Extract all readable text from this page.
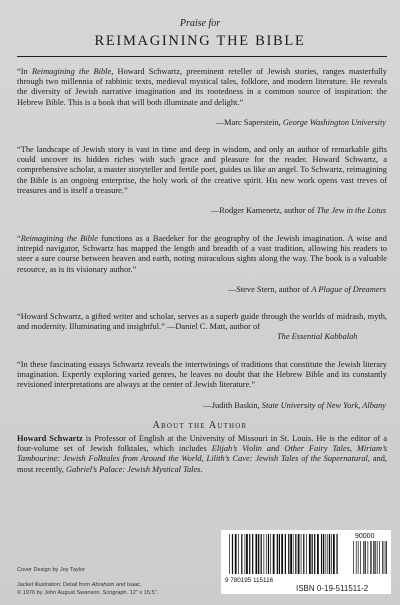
Praise for
REIMAGINING THE BIBLE

“In Reimagining the Bible, Howard Schwartz, preeminent reteller of Jewish stories, ranges masterfully through two millennia of rabbinic texts, medieval mystical tales, folklore, and modern literature. He reveals the diversity of Jewish narrative imagination and its rootedness in a common source of inspiration: the Hebrew Bible. This is a book that will both illuminate and delight.”

—Marc Saperstein, George Washington University

“The landscape of Jewish story is vast in time and deep in wisdom, and only an author of remarkable gifts could uncover its hidden riches with such grace and pleasure for the reader. Howard Schwartz, a comprehensive scholar, a master storyteller and fertile poet, guides us like an angel. To Schwartz, reimagining the Bible is an ongoing enterprise, the holy work of the creative spirit. His new work opens vast treves of treasures and is itself a treasure.”

—Rodger Kamenetz, author of The Jew in the Lotus

“Reimagining the Bible functions as a Baedeker for the geography of the Jewish imagination. A wise and intrepid navigator, Schwartz has mapped the length and breadth of a vast tradition, allowing his readers to steer a sure course between heaven and earth, noting miraculous sights along the way. The book is a valuable resource, as is its visionary author.”

—Steve Stern, author of A Plague of Dreamers

“Howard Schwartz, a gifted writer and scholar, serves as a superb guide through the worlds of midrash, myth, and modernity. Illuminating and insightful.” —Daniel C. Matt, author of

The Essential Kabbalah

“In these fascinating essays Schwartz reveals the intertwinings of traditions that constitute the Jewish literary imagination. Expertly exploring varied genres, he leaves no doubt that the Hebrew Bible and its constantly revisioned interpretations are always at the center of Jewish literature.”

—Judith Baskin, State University of New York, Albany
About the Author

Howard Schwartz is Professor of English at the University of Missouri in St. Louis. He is the editor of a four-volume set of Jewish folktales, which includes Elijah’s Violin and Other Fairy Tales, Miriam’s Tambourine: Jewish Folktales from Around the World, Lilith’s Cave: Jewish Tales of the Supernatural, and, most recently, Gabriel’s Palace: Jewish Mystical Tales.

Cover Design by Joy Taylor
Jacket illustration: Detail from Abraham and Isaac.
© 1976 by John August Swanson. Scrigraph. 12" x 15.5".
90000
9 780195 115116
ISBN 0-19-511511-2
